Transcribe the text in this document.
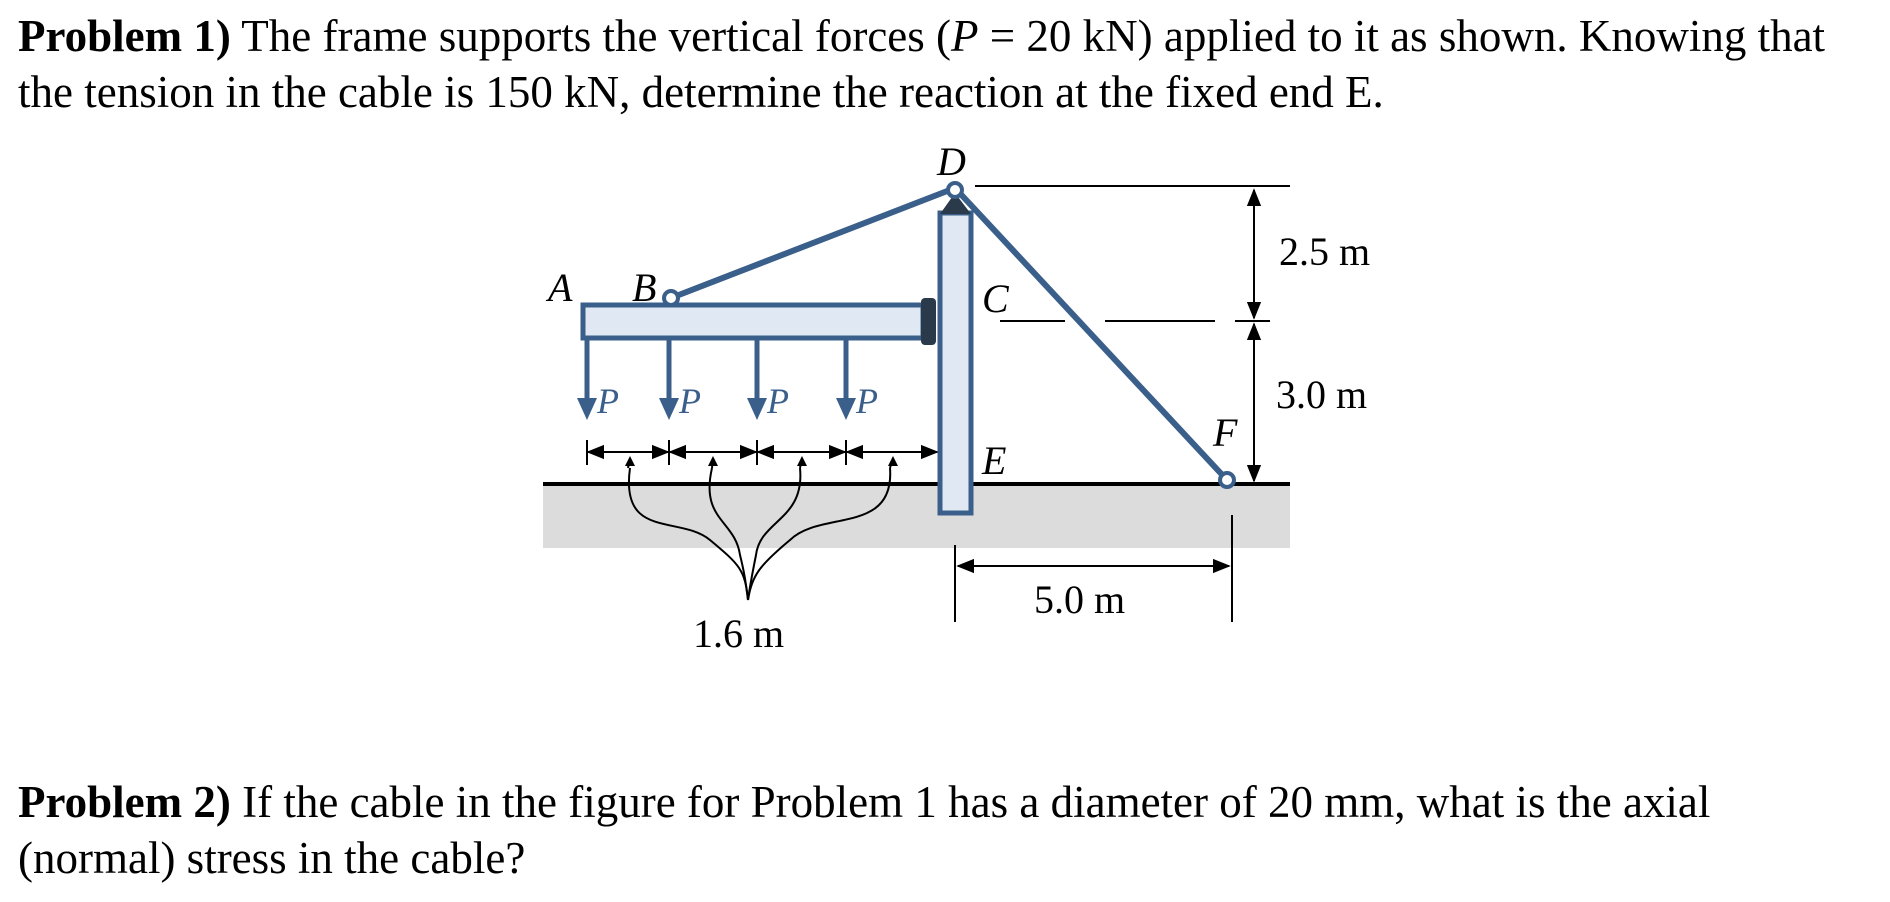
Problem 1) The frame supports the vertical forces (P = 20 kN) applied to it as shown. Knowing that the tension in the cable is 150 kN, determine the reaction at the fixed end E.

A B	C
D
E
F
P P P P
1.6 m
2.5 m
3.0 m
5.0 m

Problem 2) If the cable in the figure for Problem 1 has a diameter of 20 mm, what is the axial (normal) stress in the cable?
